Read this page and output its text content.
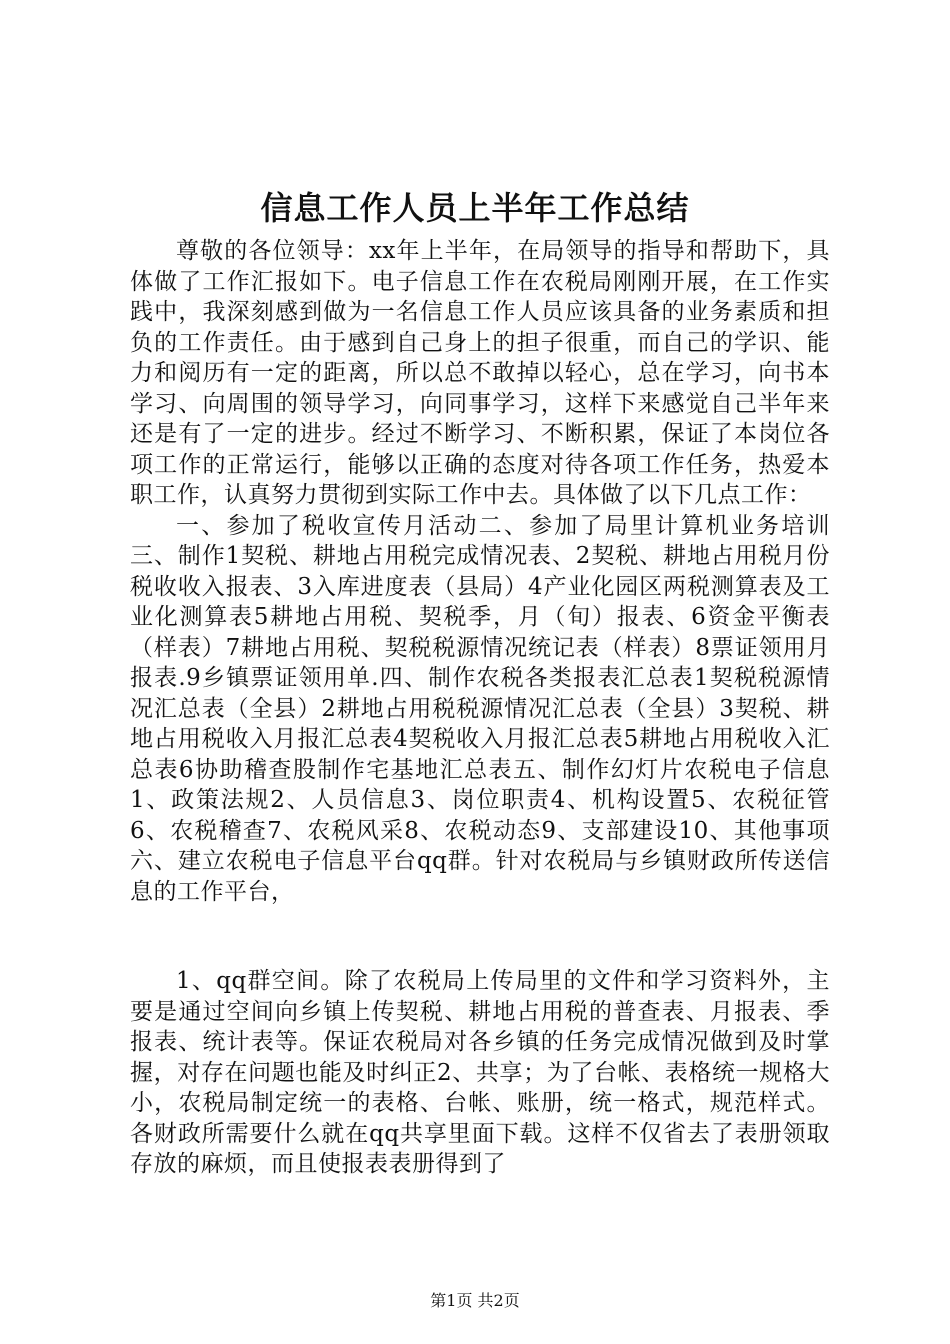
信息工作人员上半年工作总结

尊敬的各位领导：xx年上半年，在局领导的指导和帮助下，具体做了工作汇报如下。电子信息工作在农税局刚刚开展，在工作实践中，我深刻感到做为一名信息工作人员应该具备的业务素质和担负的工作责任。由于感到自己身上的担子很重，而自己的学识、能力和阅历有一定的距离，所以总不敢掉以轻心，总在学习，向书本学习、向周围的领导学习，向同事学习，这样下来感觉自己半年来还是有了一定的进步。经过不断学习、不断积累，保证了本岗位各项工作的正常运行，能够以正确的态度对待各项工作任务，热爱本职工作，认真努力贯彻到实际工作中去。具体做了以下几点工作：

一、参加了税收宣传月活动二、参加了局里计算机业务培训三、制作1契税、耕地占用税完成情况表、2契税、耕地占用税月份税收收入报表、3入库进度表（县局）4产业化园区两税测算表及工业化测算表5耕地占用税、契税季，月（旬）报表、6资金平衡表（样表）7耕地占用税、契税税源情况统记表（样表）8票证领用月报表.9乡镇票证领用单.四、制作农税各类报表汇总表1契税税源情况汇总表（全县）2耕地占用税税源情况汇总表（全县）3契税、耕地占用税收入月报汇总表4契税收入月报汇总表5耕地占用税收入汇总表6协助稽查股制作宅基地汇总表五、制作幻灯片农税电子信息1、政策法规2、人员信息3、岗位职责4、机构设置5、农税征管6、农税稽查7、农税风采8、农税动态9、支部建设10、其他事项六、建立农税电子信息平台qq群。针对农税局与乡镇财政所传送信息的工作平台，

1、qq群空间。除了农税局上传局里的文件和学习资料外，主要是通过空间向乡镇上传契税、耕地占用税的普查表、月报表、季报表、统计表等。保证农税局对各乡镇的任务完成情况做到及时掌握，对存在问题也能及时纠正2、共享；为了台帐、表格统一规格大小，农税局制定统一的表格、台帐、账册，统一格式，规范样式。各财政所需要什么就在qq共享里面下载。这样不仅省去了表册领取存放的麻烦，而且使报表表册得到了

第1页 共2页
